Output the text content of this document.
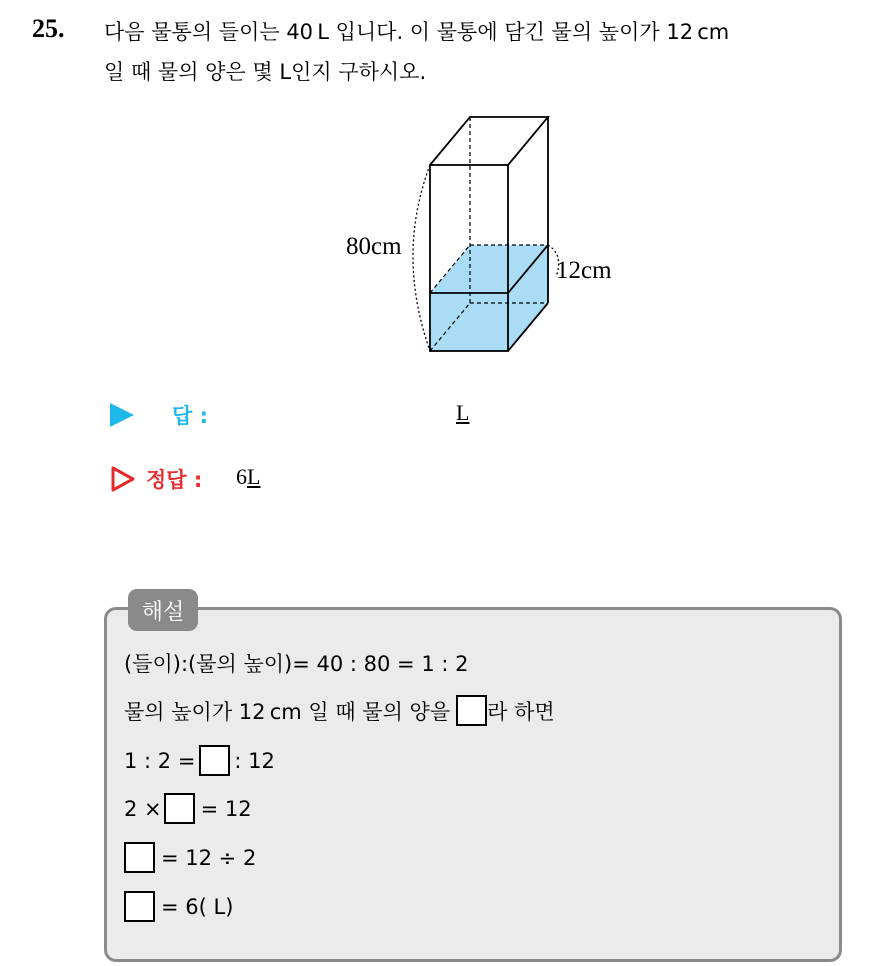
25. 다음 물통의 들이는 40 L 입니다. 이 물통에 담긴 물의 높이가 12 cm
일 때 물의 양은 몇 L인지 구하시오.
80cm
12cm
답 :	L
정답 : 6L
해설
(들이):(물의 높이)= 40 : 80 = 1 : 2
물의 높이가 12 cm 일 때 물의 양을 라 하면
1 : 2 = : 12
2 × = 12
= 12 ÷ 2
= 6( L)
